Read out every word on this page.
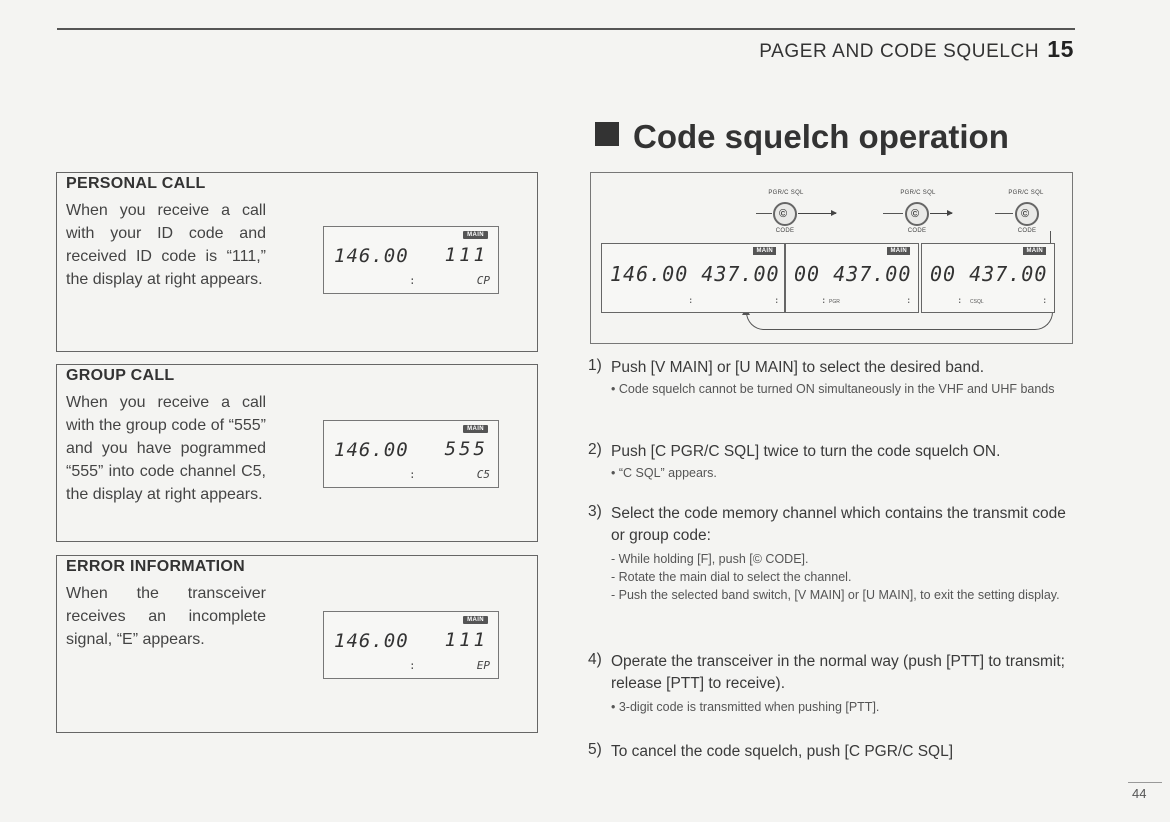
PAGER AND CODE SQUELCH 15
Code squelch operation
PERSONAL CALL
When you receive a call with your ID code and received ID code is “111,” the display at right appears.
MAIN
146.00 111
:	CP
GROUP CALL
When you receive a call with the group code of “555” and you have pogrammed “555” into code channel C5, the display at right appears.
MAIN
146.00 555
:	C5
ERROR INFORMATION
When the transceiver receives an incomplete signal, “E” appears.
MAIN
146.00 111
:	EP
PGR/C SQL	PGR/C SQL	PGR/C SQL
©	©	©
CODE	CODE	CODE
MAIN
146.00 437.00
:	:
MAIN
00 437.00
: PGR	:
MAIN
00 437.00
: CSQL	:
1) Push [V MAIN] or [U MAIN] to select the desired band.
• Code squelch cannot be turned ON simultaneously in the VHF and UHF bands
2) Push [C PGR/C SQL] twice to turn the code squelch ON.
• “C SQL” appears.
3) Select the code memory channel which contains the transmit code or group code:
- While holding [F], push [© CODE].
- Rotate the main dial to select the channel.
- Push the selected band switch, [V MAIN] or [U MAIN], to exit the setting display.
4) Operate the transceiver in the normal way (push [PTT] to transmit; release [PTT] to receive).
• 3-digit code is transmitted when pushing [PTT].
5) To cancel the code squelch, push [C PGR/C SQL]
44
